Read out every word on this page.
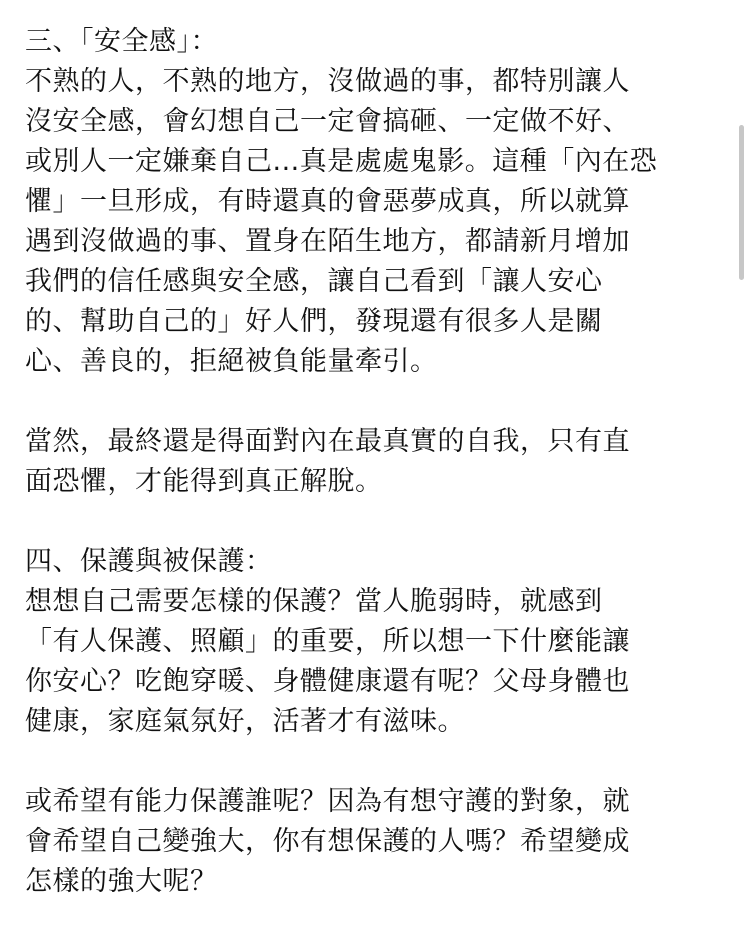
三、「安全感」：
不熟的人，不熟的地方，沒做過的事，都特別讓人
沒安全感，會幻想自己一定會搞砸、一定做不好、
或別人一定嫌棄自己...真是處處鬼影。這種「內在恐
懼」一旦形成，有時還真的會惡夢成真，所以就算
遇到沒做過的事、置身在陌生地方，都請新月增加
我們的信任感與安全感，讓自己看到「讓人安心
的、幫助自己的」好人們，發現還有很多人是關
心、善良的，拒絕被負能量牽引。
當然，最終還是得面對內在最真實的自我，只有直
面恐懼，才能得到真正解脫。
四、保護與被保護：
想想自己需要怎樣的保護？當人脆弱時，就感到
「有人保護、照顧」的重要，所以想一下什麼能讓
你安心？吃飽穿暖、身體健康還有呢？父母身體也
健康，家庭氣氛好，活著才有滋味。
或希望有能力保護誰呢？因為有想守護的對象，就
會希望自己變強大，你有想保護的人嗎？希望變成
怎樣的強大呢？
